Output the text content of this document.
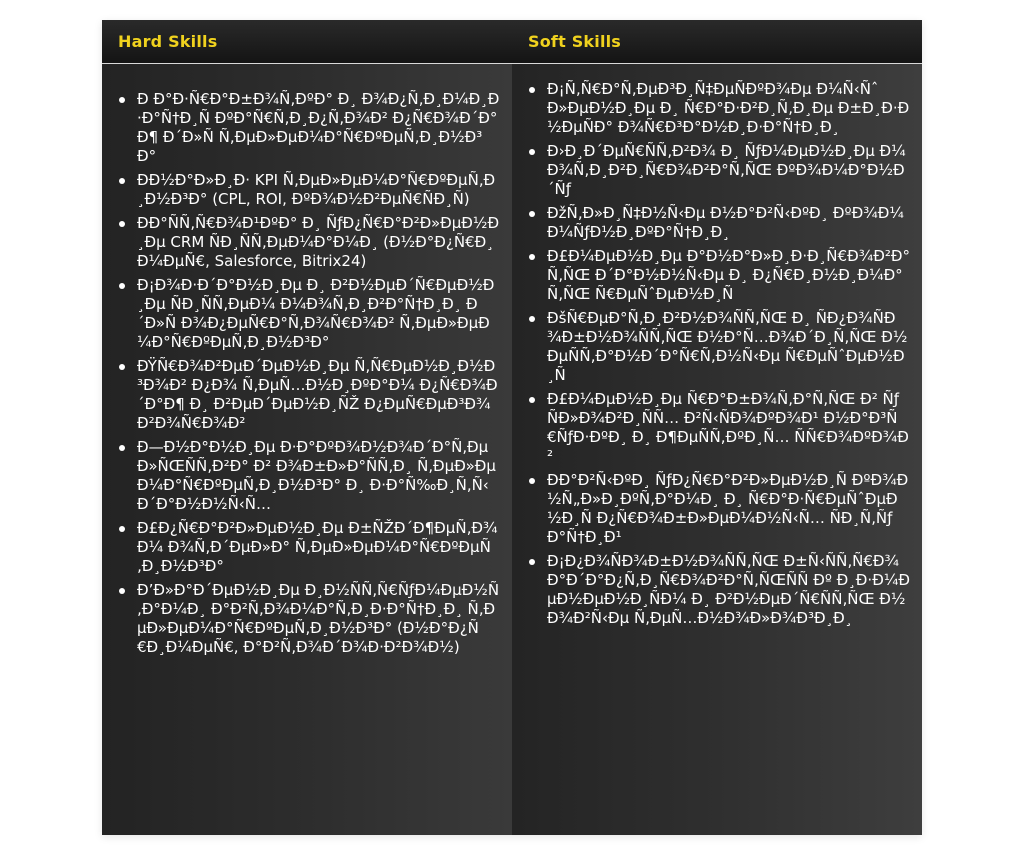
Hard Skills	Soft Skills
Ð Ð°Ð·Ñ€Ð°Ð±Ð¾Ñ‚ÐºÐ° Ð¸ Ð¾Ð¿Ñ‚Ð¸Ð¼Ð¸Ð·Ð°Ñ†Ð¸Ñ ÐºÐ°Ñ€Ñ‚Ð¸Ð¿Ñ‚Ð¾Ð² Ð¿Ñ€Ð¾Ð´Ð°Ð¶ Ð´Ð»Ñ Ñ‚ÐµÐ»ÐµÐ¼Ð°Ñ€ÐºÐµÑ‚Ð¸Ð½Ð³Ð°
ÐÐ½Ð°Ð»Ð¸Ð· KPI Ñ‚ÐµÐ»ÐµÐ¼Ð°Ñ€ÐºÐµÑ‚Ð¸Ð½Ð³Ð° (CPL, ROI, ÐºÐ¾Ð½Ð²ÐµÑ€ÑÐ¸Ñ)
ÐÐ°ÑÑ‚Ñ€Ð¾Ð¹ÐºÐ° Ð¸ ÑƒÐ¿Ñ€Ð°Ð²Ð»ÐµÐ½Ð¸Ðµ CRM ÑÐ¸ÑÑ‚ÐµÐ¼Ð°Ð¼Ð¸ (Ð½Ð°Ð¿Ñ€Ð¸Ð¼ÐµÑ€, Salesforce, Bitrix24)
Ð¡Ð¾Ð·Ð´Ð°Ð½Ð¸Ðµ Ð¸ Ð²Ð½ÐµÐ´Ñ€ÐµÐ½Ð¸Ðµ ÑÐ¸ÑÑ‚ÐµÐ¼ Ð¼Ð¾Ñ‚Ð¸Ð²Ð°Ñ†Ð¸Ð¸ Ð´Ð»Ñ Ð¾Ð¿ÐµÑ€Ð°Ñ‚Ð¾Ñ€Ð¾Ð² Ñ‚ÐµÐ»ÐµÐ¼Ð°Ñ€ÐºÐµÑ‚Ð¸Ð½Ð³Ð°
ÐŸÑ€Ð¾Ð²ÐµÐ´ÐµÐ½Ð¸Ðµ Ñ‚Ñ€ÐµÐ½Ð¸Ð½Ð³Ð¾Ð² Ð¿Ð¾ Ñ‚ÐµÑ…Ð½Ð¸ÐºÐ°Ð¼ Ð¿Ñ€Ð¾Ð´Ð°Ð¶ Ð¸ Ð²ÐµÐ´ÐµÐ½Ð¸ÑŽ Ð¿ÐµÑ€ÐµÐ³Ð¾Ð²Ð¾Ñ€Ð¾Ð²
Ð—Ð½Ð°Ð½Ð¸Ðµ Ð·Ð°ÐºÐ¾Ð½Ð¾Ð´Ð°Ñ‚ÐµÐ»ÑŒÑÑ‚Ð²Ð° Ð² Ð¾Ð±Ð»Ð°ÑÑ‚Ð¸ Ñ‚ÐµÐ»ÐµÐ¼Ð°Ñ€ÐºÐµÑ‚Ð¸Ð½Ð³Ð° Ð¸ Ð·Ð°Ñ‰Ð¸Ñ‚Ñ‹ Ð´Ð°Ð½Ð½Ñ‹Ñ…
Ð£Ð¿Ñ€Ð°Ð²Ð»ÐµÐ½Ð¸Ðµ Ð±ÑŽÐ´Ð¶ÐµÑ‚Ð¾Ð¼ Ð¾Ñ‚Ð´ÐµÐ»Ð° Ñ‚ÐµÐ»ÐµÐ¼Ð°Ñ€ÐºÐµÑ‚Ð¸Ð½Ð³Ð°
Ð’Ð»Ð°Ð´ÐµÐ½Ð¸Ðµ Ð¸Ð½ÑÑ‚Ñ€ÑƒÐ¼ÐµÐ½Ñ‚Ð°Ð¼Ð¸ Ð°Ð²Ñ‚Ð¾Ð¼Ð°Ñ‚Ð¸Ð·Ð°Ñ†Ð¸Ð¸ Ñ‚ÐµÐ»ÐµÐ¼Ð°Ñ€ÐºÐµÑ‚Ð¸Ð½Ð³Ð° (Ð½Ð°Ð¿Ñ€Ð¸Ð¼ÐµÑ€, Ð°Ð²Ñ‚Ð¾Ð´Ð¾Ð·Ð²Ð¾Ð½)
Ð¡Ñ‚Ñ€Ð°Ñ‚ÐµÐ³Ð¸Ñ‡ÐµÑÐºÐ¾Ðµ Ð¼Ñ‹ÑˆÐ»ÐµÐ½Ð¸Ðµ Ð¸ Ñ€Ð°Ð·Ð²Ð¸Ñ‚Ð¸Ðµ Ð±Ð¸Ð·Ð½ÐµÑÐ° Ð¾Ñ€Ð³Ð°Ð½Ð¸Ð·Ð°Ñ†Ð¸Ð¸
Ð›Ð¸Ð´ÐµÑ€ÑÑ‚Ð²Ð¾ Ð¸ ÑƒÐ¼ÐµÐ½Ð¸Ðµ Ð¼Ð¾Ñ‚Ð¸Ð²Ð¸Ñ€Ð¾Ð²Ð°Ñ‚ÑŒ ÐºÐ¾Ð¼Ð°Ð½Ð´Ñƒ
ÐžÑ‚Ð»Ð¸Ñ‡Ð½Ñ‹Ðµ Ð½Ð°Ð²Ñ‹ÐºÐ¸ ÐºÐ¾Ð¼Ð¼ÑƒÐ½Ð¸ÐºÐ°Ñ†Ð¸Ð¸
Ð£Ð¼ÐµÐ½Ð¸Ðµ Ð°Ð½Ð°Ð»Ð¸Ð·Ð¸Ñ€Ð¾Ð²Ð°Ñ‚ÑŒ Ð´Ð°Ð½Ð½Ñ‹Ðµ Ð¸ Ð¿Ñ€Ð¸Ð½Ð¸Ð¼Ð°Ñ‚ÑŒ Ñ€ÐµÑˆÐµÐ½Ð¸Ñ
ÐšÑ€ÐµÐ°Ñ‚Ð¸Ð²Ð½Ð¾ÑÑ‚ÑŒ Ð¸ ÑÐ¿Ð¾ÑÐ¾Ð±Ð½Ð¾ÑÑ‚ÑŒ Ð½Ð°Ñ…Ð¾Ð´Ð¸Ñ‚ÑŒ Ð½ÐµÑÑ‚Ð°Ð½Ð´Ð°Ñ€Ñ‚Ð½Ñ‹Ðµ Ñ€ÐµÑˆÐµÐ½Ð¸Ñ
Ð£Ð¼ÐµÐ½Ð¸Ðµ Ñ€Ð°Ð±Ð¾Ñ‚Ð°Ñ‚ÑŒ Ð² ÑƒÑÐ»Ð¾Ð²Ð¸ÑÑ… Ð²Ñ‹ÑÐ¾ÐºÐ¾Ð¹ Ð½Ð°Ð³Ñ€ÑƒÐ·ÐºÐ¸ Ð¸ Ð¶ÐµÑÑ‚ÐºÐ¸Ñ… ÑÑ€Ð¾ÐºÐ¾Ð²
ÐÐ°Ð²Ñ‹ÐºÐ¸ ÑƒÐ¿Ñ€Ð°Ð²Ð»ÐµÐ½Ð¸Ñ ÐºÐ¾Ð½Ñ„Ð»Ð¸ÐºÑ‚Ð°Ð¼Ð¸ Ð¸ Ñ€Ð°Ð·Ñ€ÐµÑˆÐµÐ½Ð¸Ñ Ð¿Ñ€Ð¾Ð±Ð»ÐµÐ¼Ð½Ñ‹Ñ… ÑÐ¸Ñ‚ÑƒÐ°Ñ†Ð¸Ð¹
Ð¡Ð¿Ð¾ÑÐ¾Ð±Ð½Ð¾ÑÑ‚ÑŒ Ð±Ñ‹ÑÑ‚Ñ€Ð¾ Ð°Ð´Ð°Ð¿Ñ‚Ð¸Ñ€Ð¾Ð²Ð°Ñ‚ÑŒÑÑ Ðº Ð¸Ð·Ð¼ÐµÐ½ÐµÐ½Ð¸ÑÐ¼ Ð¸ Ð²Ð½ÐµÐ´Ñ€ÑÑ‚ÑŒ Ð½Ð¾Ð²Ñ‹Ðµ Ñ‚ÐµÑ…Ð½Ð¾Ð»Ð¾Ð³Ð¸Ð¸
